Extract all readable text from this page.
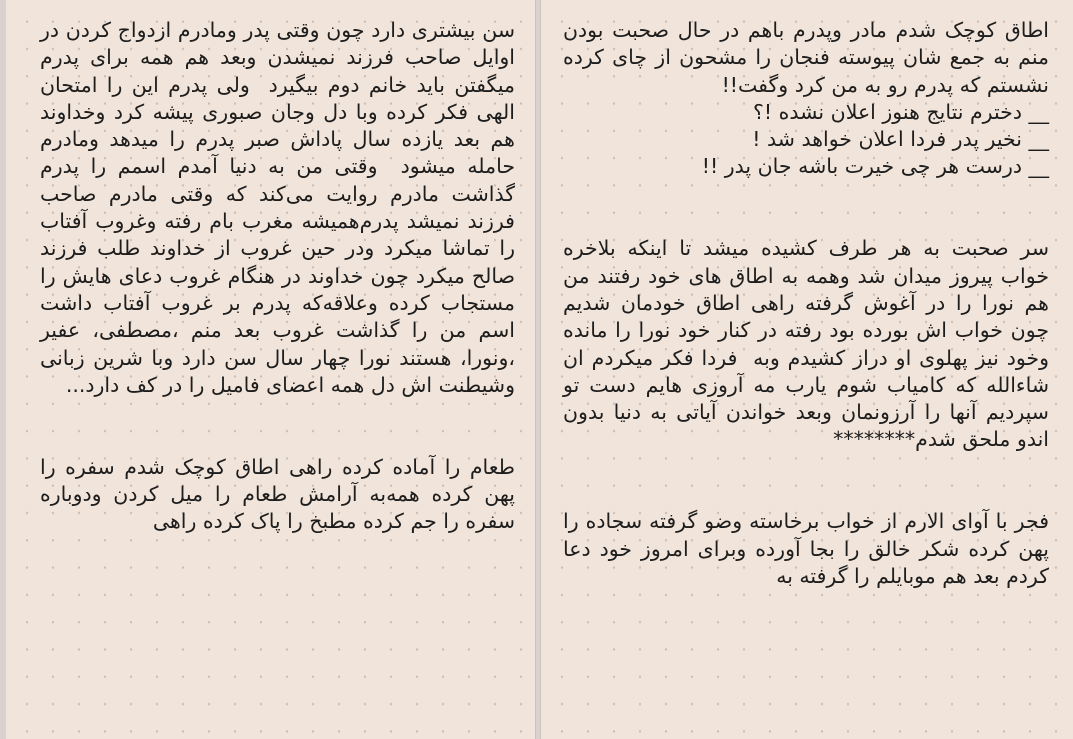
سن بیشتری دارد چون وقتی پدر ومادرم ازدواج کردن در اوایل صاحب فرزند نمیشدن وبعد هم همه برای پدرم میگفتن باید خانم دوم بیگیرد  ولی پدرم این را امتحان الهی فکر کرده وبا دل وجان صبوری پیشه کرد وخداوند هم بعد یازده سال پاداش صبر پدرم را میدهد ومادرم حامله میشود  وقتی من به دنیا آمدم اسمم را پدرم گذاشت مادرم روایت می‌کند که وقتی مادرم صاحب فرزند نمیشد پدرم‌همیشه مغرب بام رفته وغروب آفتاب را تماشا میکرد ودر حین غروب از خداوند طلب فرزند صالح میکرد چون خداوند در هنگام غروب دعای هایش را مستجاب کرده وعلاقه‌که پدرم بر غروب آفتاب داشت اسم من را گذاشت غروب بعد منم ،مصطفی، عفیر ،ونورا، هستند نورا چهار سال سن دارد وبا شرین زبانی وشیطنت اش دل همه اعضای فامیل را در کف دارد...

طعام را آماده کرده راهی اطاق کوچک شدم سفره را پهن کرده همه‌به آرامش طعام را میل کردن ودوباره سفره را جم کرده مطبخ را پاک کرده راهی

اطاق کوچک شدم مادر وپدرم باهم در حال صحبت بودن منم به جمع شان پیوسته فنجان را مشحون از چای کرده نشستم که پدرم رو به من کرد وگفت!!

__ دخترم نتایج هنوز اعلان نشده !؟

__ نخیر پدر فردا اعلان خواهد شد !

__ درست هر چی خیرت باشه جان پدر !!

سر صحبت به هر طرف کشیده میشد تا اینکه بلاخره خواب پیروز میدان شد وهمه به اطاق های خود رفتند من هم نورا را در آغوش گرفته راهی اطاق خودمان شدیم چون خواب اش بورده بود رفته در کنار خود نورا را مانده وخود نیز پهلوی او دراز کشیدم وبه  فردا فکر میکردم ان شاءالله که کامیاب شوم یارب مه آروزی هایم دست تو سپردیم آنها را آرزونمان وبعد خواندن آیاتی به دنیا بدون اندو ملحق شدم********

فجر با آوای الارم از خواب برخاسته وضو گرفته سجاده را پهن کرده شکر خالق را بجا آورده وبرای امروز خود دعا کردم بعد هم موبایلم را گرفته به
